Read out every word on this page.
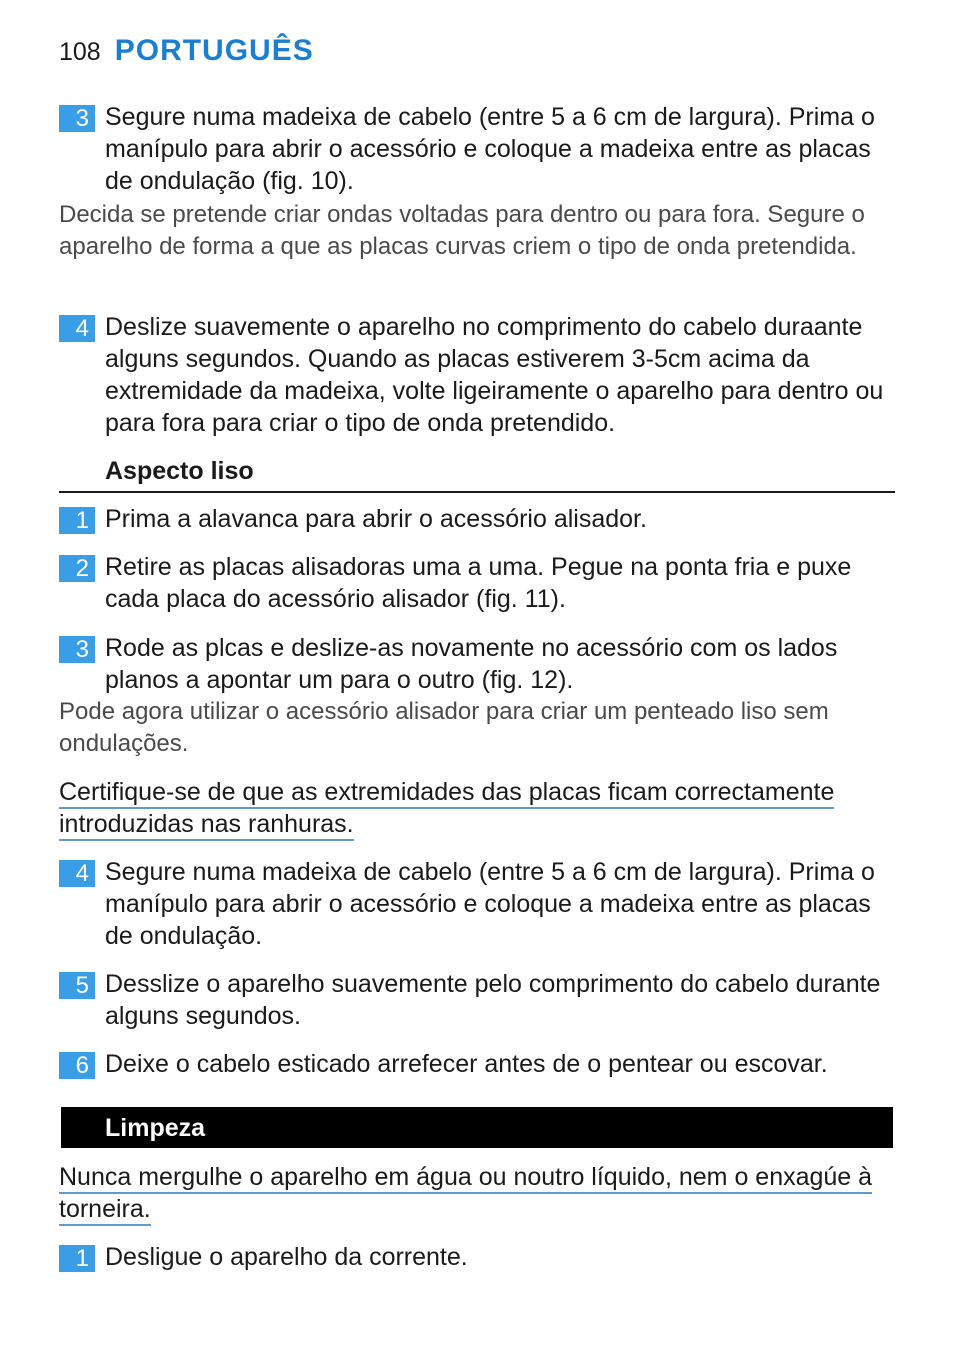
108 PORTUGUÊS
3 Segure numa madeixa de cabelo (entre 5 a 6 cm de largura). Prima o manípulo para abrir o acessório e coloque a madeixa entre as placas de ondulação (fig. 10).
Decida se pretende criar ondas voltadas para dentro ou para fora. Segure o aparelho de forma a que as placas curvas criem o tipo de onda pretendida.
4 Deslize suavemente o aparelho no comprimento do cabelo duraante alguns segundos. Quando as placas estiverem 3-5cm acima da extremidade da madeixa, volte ligeiramente o aparelho para dentro ou para fora para criar o tipo de onda pretendido.
Aspecto liso
1 Prima a alavanca para abrir o acessório alisador.
2 Retire as placas alisadoras uma a uma. Pegue na ponta fria e puxe cada placa do acessório alisador (fig. 11).
3 Rode as plcas e deslize-as novamente no acessório com os lados planos a apontar um para o outro (fig. 12).
Pode agora utilizar o acessório alisador para criar um penteado liso sem ondulações.
Certifique-se de que as extremidades das placas ficam correctamente introduzidas nas ranhuras.
4 Segure numa madeixa de cabelo (entre 5 a 6 cm de largura). Prima o manípulo para abrir o acessório e coloque a madeixa entre as placas de ondulação.
5 Desslize o aparelho suavemente pelo comprimento do cabelo durante alguns segundos.
6 Deixe o cabelo esticado arrefecer antes de o pentear ou escovar.
Limpeza
Nunca mergulhe o aparelho em água ou noutro líquido, nem o enxagúe à torneira.
1 Desligue o aparelho da corrente.
